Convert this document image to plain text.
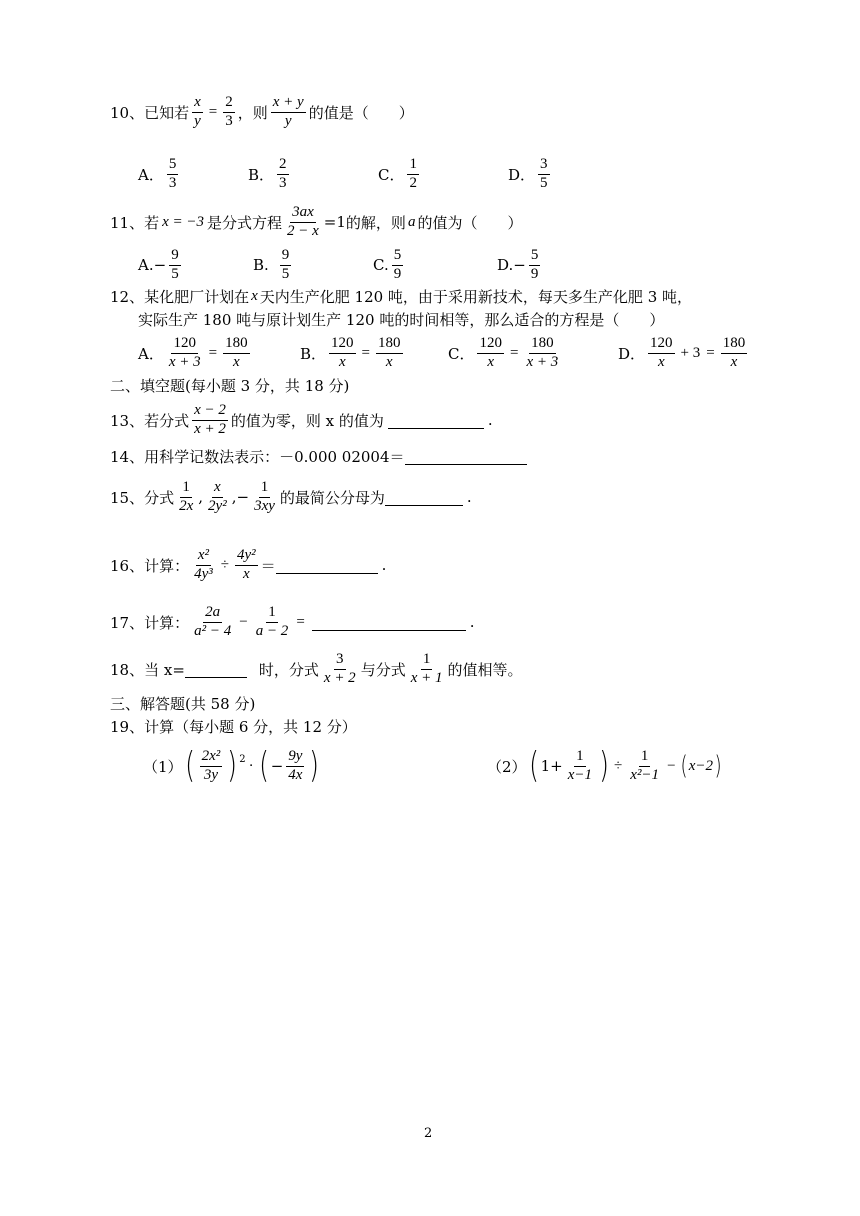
10、已知若 $\frac{x}{y} = \frac{2}{3}$ ，则 $\frac{x + y}{y}$ 的值是（　　）
A． $\frac{5}{3}$	B． $\frac{2}{3}$	C． $\frac{1}{2}$	D． $\frac{3}{5}$
11、若 x = −3 是分式方程 $\frac{3ax}{2 - x} =1$ 的解，则 a 的值为（　　）
A. − $\frac{9}{5}$	B. $\frac{9}{5}$	C. $\frac{5}{9}$	D. − $\frac{5}{9}$
12、某化肥厂计划在 x 天内生产化肥 120 吨，由于采用新技术，每天多生产化肥 3 吨，
实际生产 180 吨与原计划生产 120 吨的时间相等，那么适合的方程是（　　）
A． $\frac{120}{x + 3} = \frac{180}{x}$	B． $\frac{120}{x} = \frac{180}{x}$	C． $\frac{120}{x} = \frac{180}{x + 3}$	D． $\frac{120}{x} + 3 = \frac{180}{x}$
二、填空题(每小题 3 分，共 18 分)
13、若分式 $\frac{x - 2}{x + 2}$ 的值为零，则 x 的值为	.
14、用科学记数法表示：－0.000 02004＝
15、分式 $\frac{1}{2x}$ , $\frac{x}{\text{2y²}}$ , − $\frac{1}{3xy}$ 的最简公分母为	.
16、计算： $\frac{\text{x²}}{\text{4y³}} \div \frac{\text{4y²}}{x}$ ＝	.
17、计算： $\frac{2a}{\text{a² − 4}} - \frac{1}{a - 2}$ =	.
18、当 x=	时，分式 $\frac{3}{x + 2}$ 与分式 $\frac{1}{x + 1}$ 的值相等。
三、解答题(共 58 分)
19、计算（每小题 6 分，共 12 分）
（1） ( $\frac{\text{2x²}}{3y} )^2$ · ( − $\frac{9y}{4x}$ )	（2） ( $1+ \frac{1}{x-1}$ ) ÷ $\frac{1}{\text{x²−1}}$ − ( x−2 )
2
